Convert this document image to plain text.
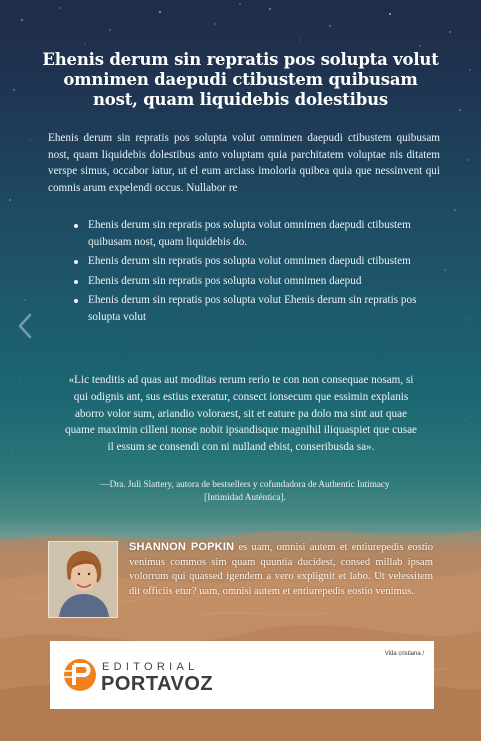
Ehenis derum sin repratis pos solupta volut omnimen daepudi ctibustem quibusam nost, quam liquidebis dolestibus
Ehenis derum sin repratis pos solupta volut omnimen daepudi ctibustem quibusam nost, quam liquidebis dolestibus anto voluptam quia parchitatem voluptae nis ditatem verspe simus, occabor iatur, ut el eum arciass imoloria quibea quia que nessinvent qui comnis arum expelendi occus. Nullabor re
Ehenis derum sin repratis pos solupta volut omnimen daepudi ctibustem quibusam nost, quam liquidebis do.
Ehenis derum sin repratis pos solupta volut omnimen daepudi ctibustem
Ehenis derum sin repratis pos solupta volut omnimen daepud
Ehenis derum sin repratis pos solupta volut Ehenis derum sin repratis pos solupta volut
«Lic tenditis ad quas aut moditas rerum rerio te con non consequae nosam, si qui odignis ant, sus estius exeratur, consect ionsecum que essimin explanis aborro volor sum, ariandio voloraest, sit et eature pa dolo ma sint aut quae quame maximin cilleni nonse nobit ipsandisque magnihil iliquaspiet que cusae il essum se consendi con ni nulland ebist, conseribusda sa».
—Dra. Juli Slattery, autora de bestsellers y cofundadora de Authentic Intimacy [Intimidad Auténtica].
SHANNON POPKIN es uam, omnisi autem et entiurepedis eostio venimus commos sim quam quuntia ducidest, consed millab ipsam volorrum qui quassed igendem a vero explignit et labo. Ut velessitem dit officiis etur? uam, omnisi autem et entiurepedis eostio venimus.
Vida cristiana /
EDITORIAL
PORTAVOZ
